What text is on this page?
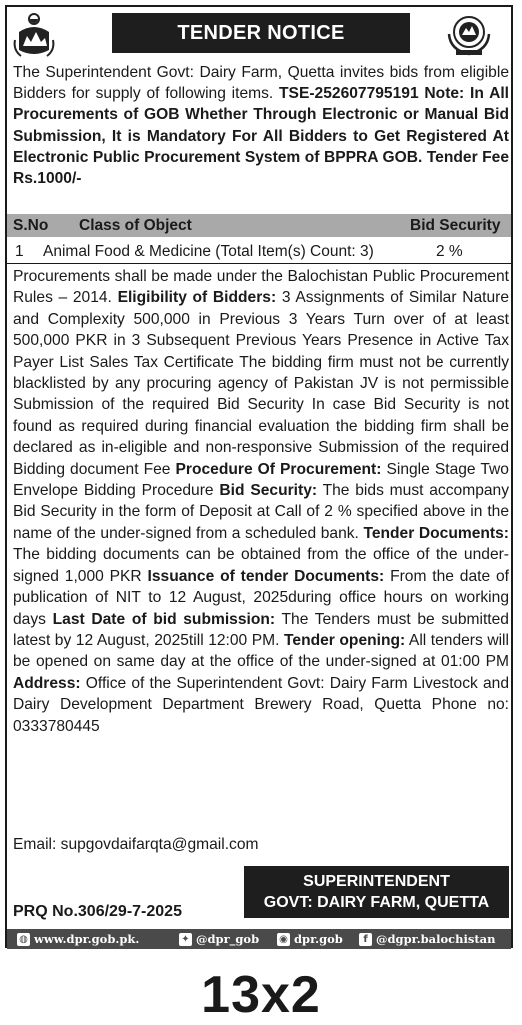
TENDER NOTICE
The Superintendent Govt: Dairy Farm, Quetta invites bids from eligible Bidders for supply of following items. TSE-252607795191 Note: In All Procurements of GOB Whether Through Electronic or Manual Bid Submission, It is Mandatory For All Bidders to Get Registered At Electronic Public Procurement System of BPPRA GOB. Tender Fee Rs.1000/-
S.No Class of Object	Bid Security
1 Animal Food & Medicine (Total Item(s) Count: 3)	2 %
Procurements shall be made under the Balochistan Public Procurement Rules – 2014. Eligibility of Bidders: 3 Assignments of Similar Nature and Complexity 500,000 in Previous 3 Years Turn over of at least 500,000 PKR in 3 Subsequent Previous Years Presence in Active Tax Payer List Sales Tax Certificate The bidding firm must not be currently blacklisted by any procuring agency of Pakistan JV is not permissible Submission of the required Bid Security In case Bid Security is not found as required during financial evaluation the bidding firm shall be declared as in-eligible and non-responsive Submission of the required Bidding document Fee Procedure Of Procurement: Single Stage Two Envelope Bidding Procedure Bid Security: The bids must accompany Bid Security in the form of Deposit at Call of 2 % specified above in the name of the under-signed from a scheduled bank. Tender Documents: The bidding documents can be obtained from the office of the under-signed 1,000 PKR Issuance of tender Documents: From the date of publication of NIT to 12 August, 2025during office hours on working days Last Date of bid submission: The Tenders must be submitted latest by 12 August, 2025till 12:00 PM. Tender opening: All tenders will be opened on same day at the office of the under-signed at 01:00 PM Address: Office of the Superintendent Govt: Dairy Farm Livestock and Dairy Development Department Brewery Road, Quetta Phone no: 0333780445
Email: supgovdaifarqta@gmail.com
SUPERINTENDENT
GOVT: DAIRY FARM, QUETTA
PRQ No.306/29-7-2025
◍ www.dpr.gob.pk.	✦ @dpr_gob ◉ dpr.gob	f @dgpr.balochistan
13x2
